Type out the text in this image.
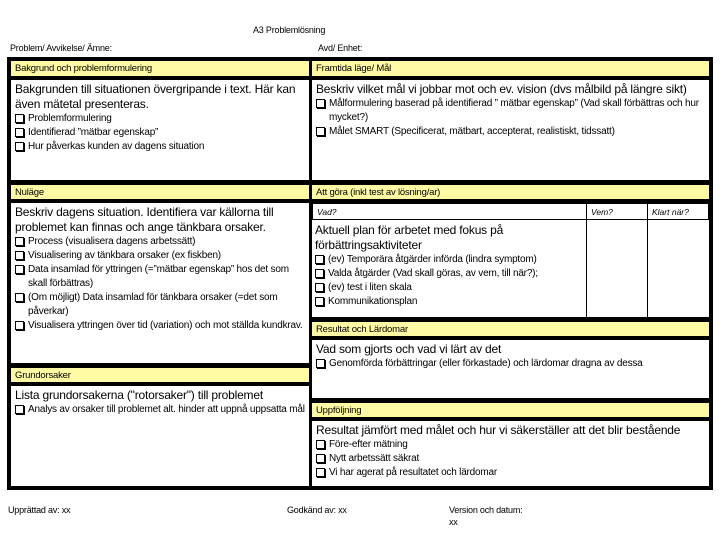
A3 Problemlösning
Problem/ Avvikelse/ Ämne:	Avd/ Enhet:
Bakgrund och problemformulering
Bakgrunden till situationen övergripande i text. Här kan även mätetal presenteras.
Problemformulering
Identifierad ”mätbar egenskap”
Hur påverkas kunden av dagens situation
Framtida läge/ Mål
Beskriv vilket mål vi jobbar mot och ev. vision (dvs målbild på längre sikt)
Målformulering baserad på identifierad ” mätbar egenskap” (Vad skall förbättras och hur mycket?)
Målet SMART (Specificerat, mätbart, accepterat, realistiskt, tidssatt)
Nuläge
Beskriv dagens situation. Identifiera var källorna till problemet kan finnas och ange tänkbara orsaker.
Process (visualisera dagens arbetssätt)
Visualisering av tänkbara orsaker (ex fiskben)
Data insamlad för yttringen (=”mätbar egenskap” hos det som skall förbättras)
(Om möjligt) Data insamlad för tänkbara orsaker (=det som påverkar)
Visualisera yttringen över tid (variation) och mot ställda kundkrav.
Grundorsaker
Lista grundorsakerna ("rotorsaker") till problemet
Analys av orsaker till problemet alt. hinder att uppnå uppsatta mål
Att göra (inkl test av lösning/ar)
Vad?	Vem?	Klart när?
Aktuell plan för arbetet med fokus på förbättringsaktiviteter
(ev) Temporära åtgärder införda (lindra symptom)
Valda åtgärder (Vad skall göras, av vem, till när?);
(ev) test i liten skala
Kommunikationsplan
Resultat och Lärdomar
Vad som gjorts och vad vi lärt av det
Genomförda förbättringar (eller förkastade) och lärdomar dragna av dessa
Uppföljning
Resultat jämfört med målet och hur vi säkerställer att det blir bestående
Före-efter mätning
Nytt arbetssätt säkrat
Vi har agerat på resultatet och lärdomar
Upprättad av: xx	Godkänd av: xx	Version och datum:
xx
